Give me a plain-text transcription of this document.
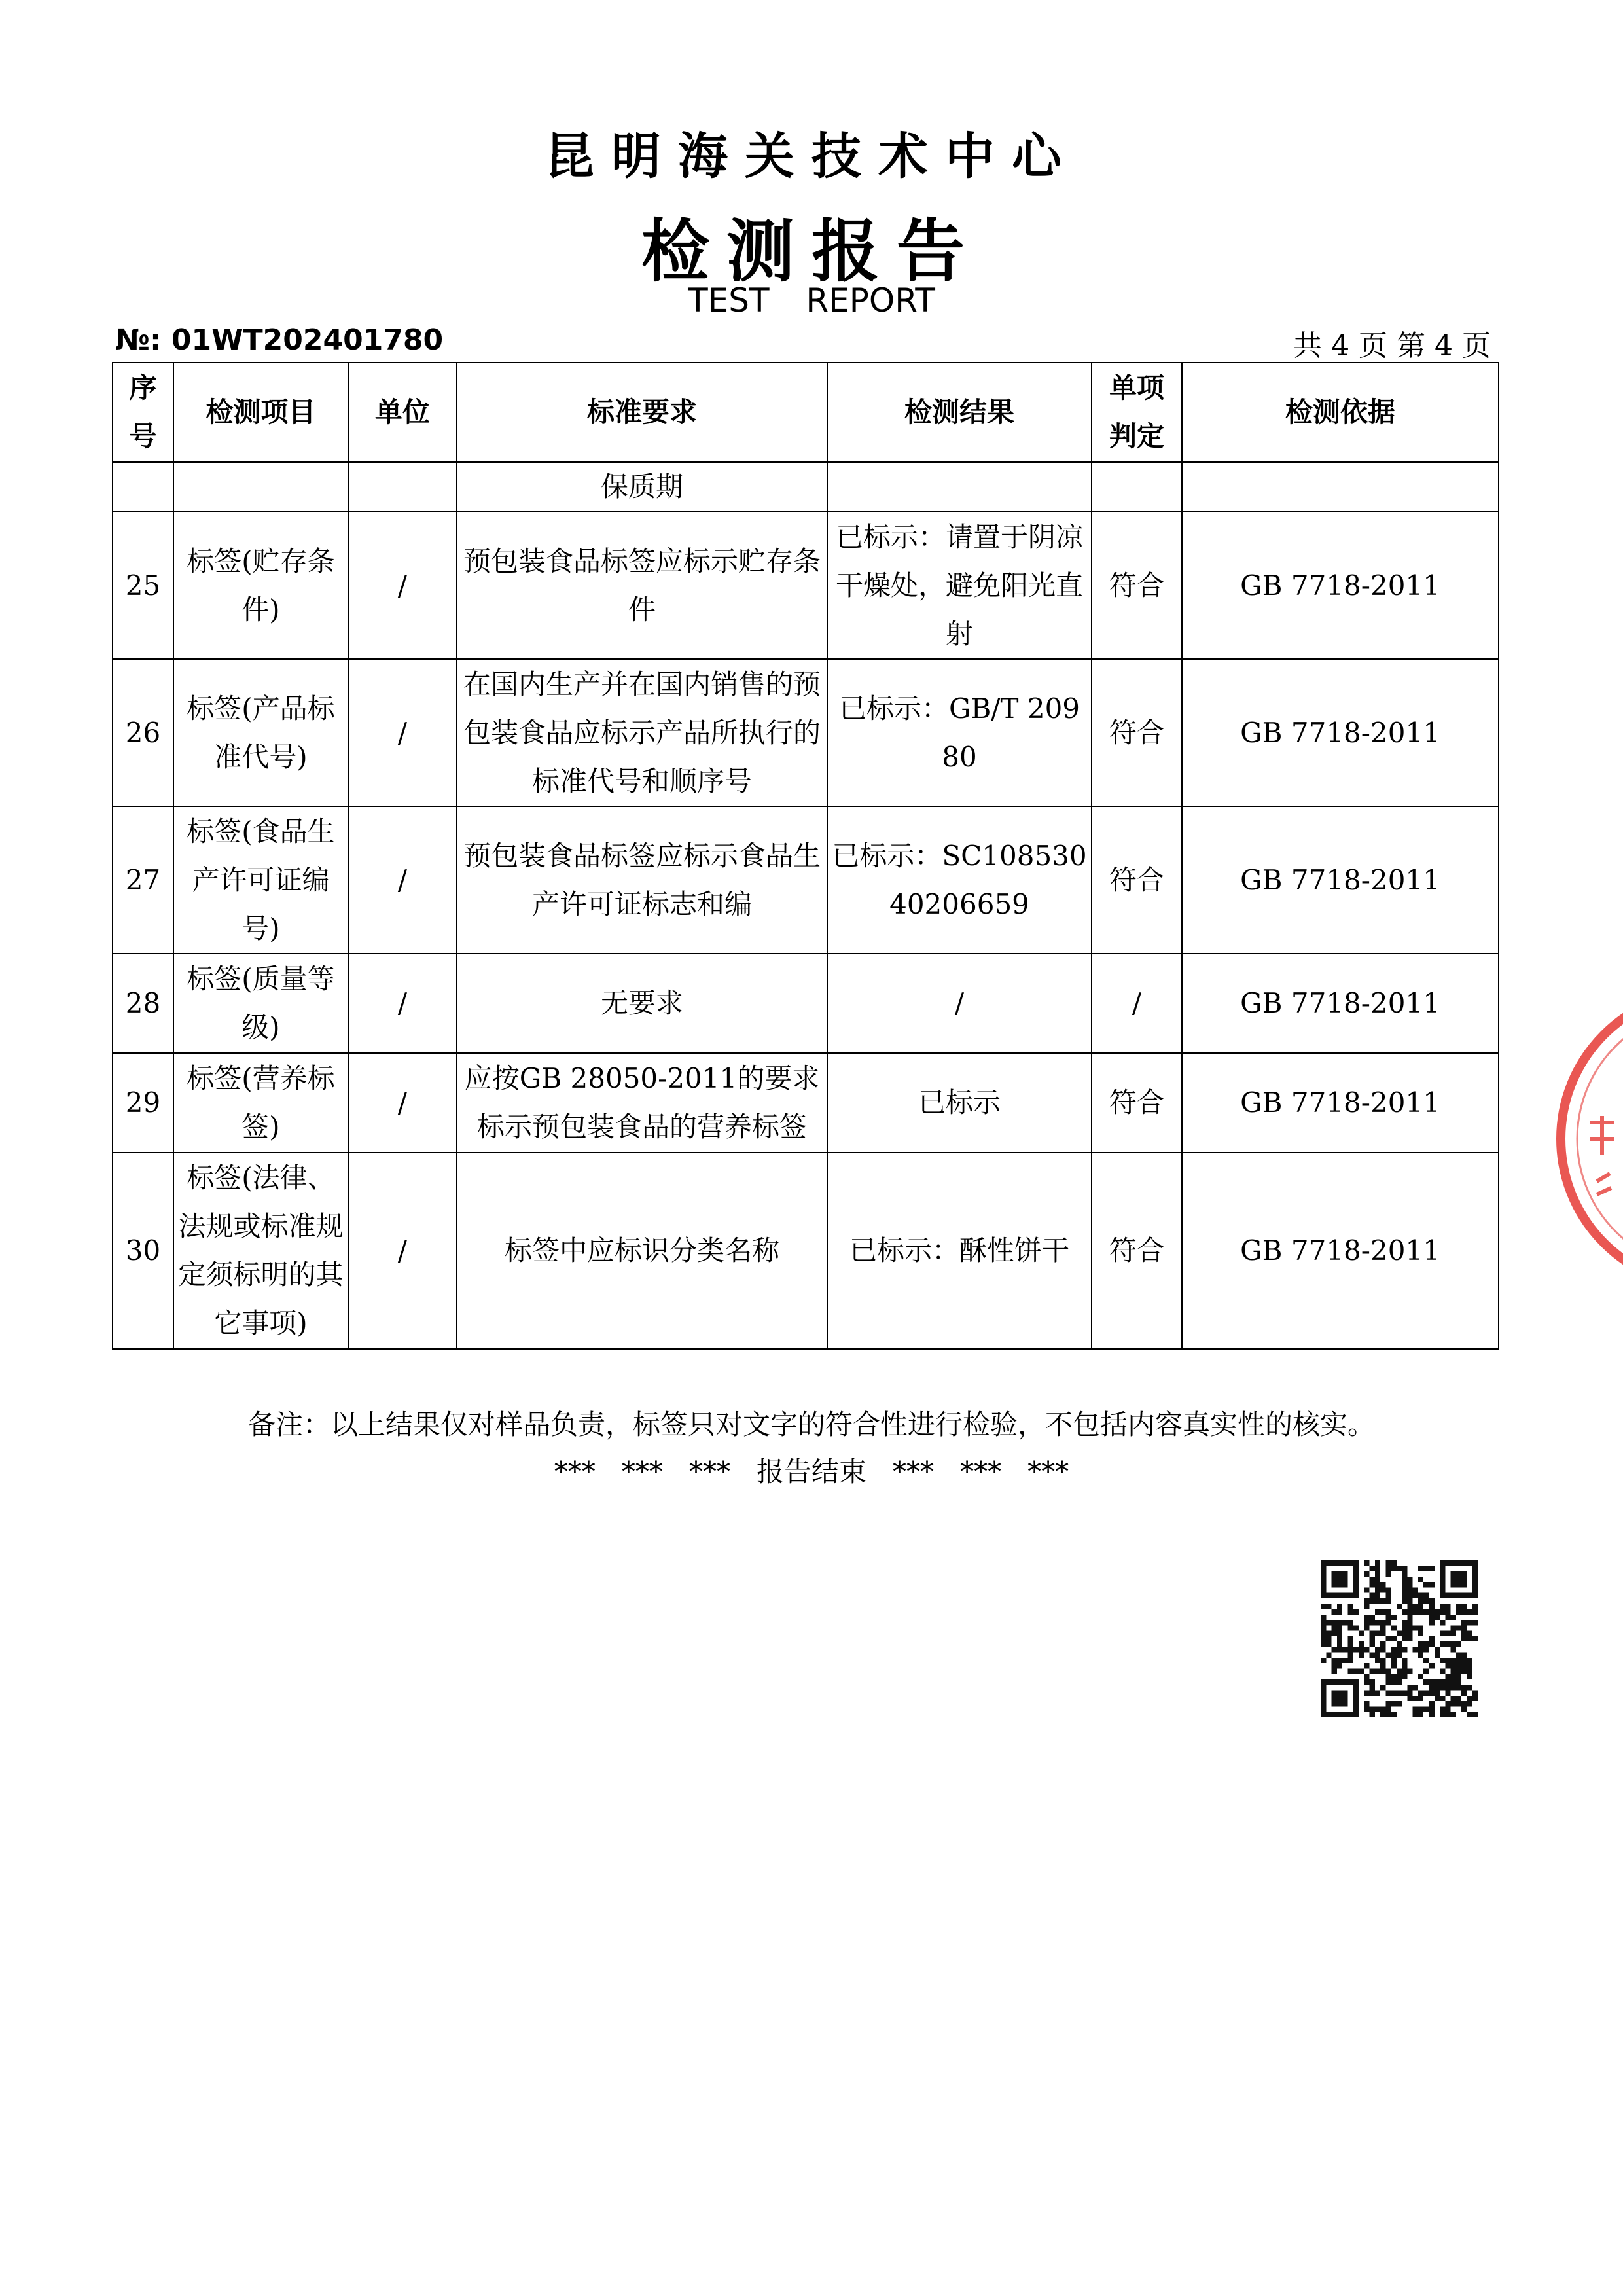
昆明海关技术中心
检测报告
TEST REPORT
№: 01WT202401780	共 4 页 第 4 页
序号	检测项目	单位	标准要求	检测结果	单项判定	检测依据
			保质期			
25	标签(贮存条件)	/	预包装食品标签应标示贮存条件	已标示：请置于阴凉干燥处，避免阳光直射	符合	GB 7718-2011
26	标签(产品标准代号)	/	在国内生产并在国内销售的预包装食品应标示产品所执行的标准代号和顺序号	已标示：GB/T 20980	符合	GB 7718-2011
27	标签(食品生产许可证编号)	/	预包装食品标签应标示食品生产许可证标志和编	已标示：SC10853040206659	符合	GB 7718-2011
28	标签(质量等级)	/	无要求	/	/	GB 7718-2011
29	标签(营养标签)	/	应按GB 28050-2011的要求标示预包装食品的营养标签	已标示	符合	GB 7718-2011
30	标签(法律、法规或标准规定须标明的其它事项)	/	标签中应标识分类名称	已标示：酥性饼干	符合	GB 7718-2011
备注：以上结果仅对样品负责，标签只对文字的符合性进行检验，不包括内容真实性的核实。
***   ***   ***   报告结束   ***   ***   ***
